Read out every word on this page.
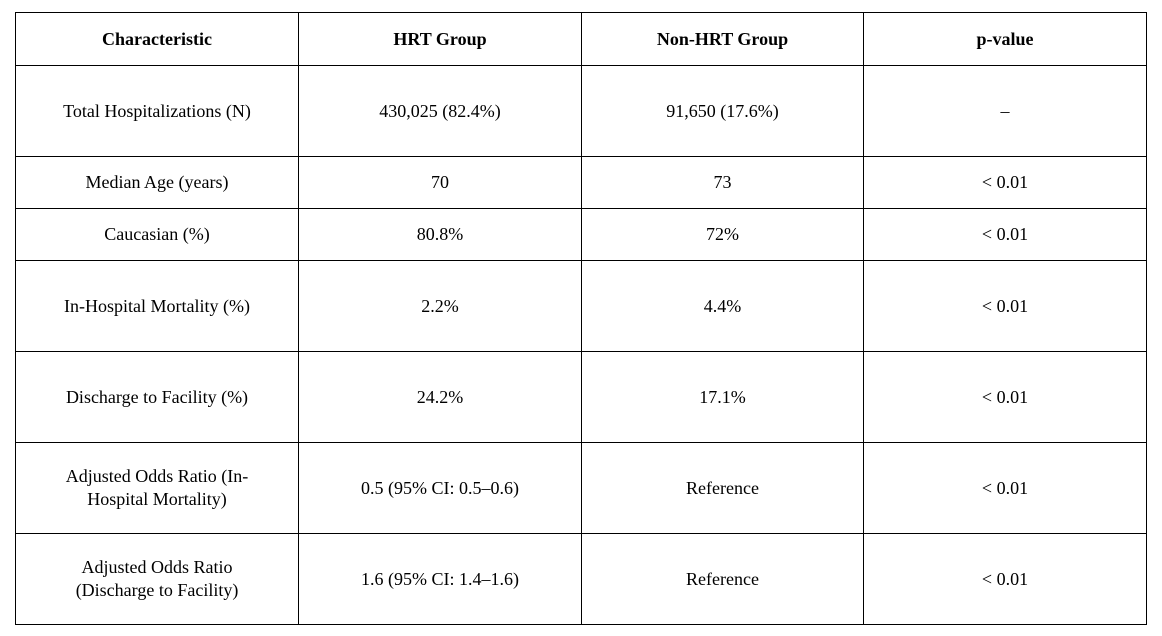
Characteristic	HRT Group	Non-HRT Group	p-value
Total Hospitalizations (N)	430,025 (82.4%)	91,650 (17.6%)	–
Median Age (years)	70	73	< 0.01
Caucasian (%)	80.8%	72%	< 0.01
In-Hospital Mortality (%)	2.2%	4.4%	< 0.01
Discharge to Facility (%)	24.2%	17.1%	< 0.01
Adjusted Odds Ratio (In-Hospital Mortality)	0.5 (95% CI: 0.5–0.6)	Reference	< 0.01
Adjusted Odds Ratio (Discharge to Facility)	1.6 (95% CI: 1.4–1.6)	Reference	< 0.01
